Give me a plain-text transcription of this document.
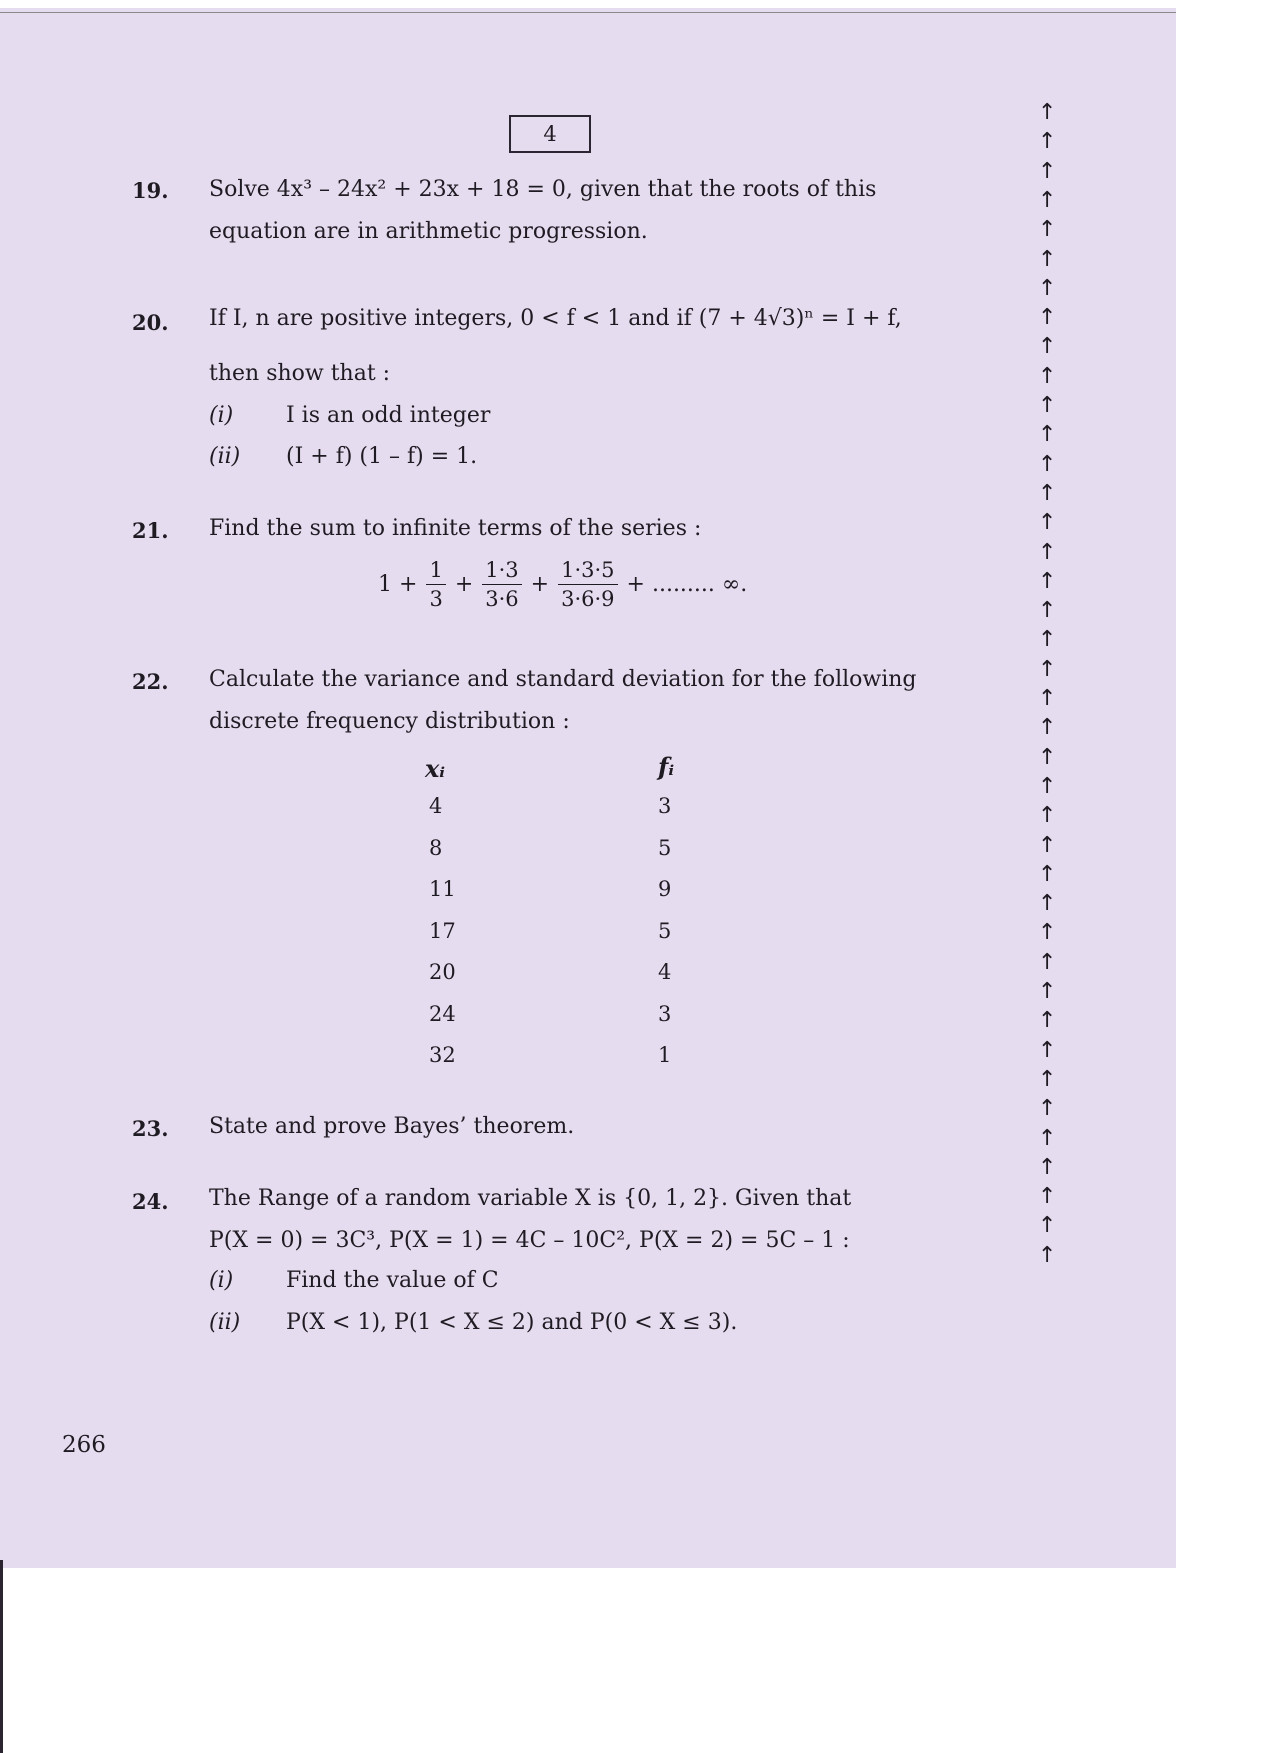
4
19. Solve 4x³ – 24x² + 23x + 18 = 0, given that the roots of this
equation are in arithmetic progression.
20. If I, n are positive integers, 0 < f < 1 and if (7 + 4√3)ⁿ = I + f,
then show that :
(i) I is an odd integer
(ii) (I + f) (1 – f) = 1.
21. Find the sum to infinite terms of the series :
$1 + \frac{1}{3} + \frac{1\cdot 3}{3\cdot 6} + \frac{1\cdot 3\cdot 5}{3\cdot 6\cdot 9}$ + ......... ∞.
22. Calculate the variance and standard deviation for the following
discrete frequency distribution :
xᵢ	fᵢ
4	3
8	5
11	9
17	5
20	4
24	3
32	1
23. State and prove Bayes’ theorem.
24. The Range of a random variable X is {0, 1, 2}. Given that
P(X = 0) = 3C³, P(X = 1) = 4C – 10C², P(X = 2) = 5C – 1 :
(i) Find the value of C
(ii) P(X < 1), P(1 < X ≤ 2) and P(0 < X ≤ 3).
266
↑
↑
↑
↑
↑
↑
↑
↑
↑
↑
↑
↑
↑
↑
↑
↑
↑
↑
↑
↑
↑
↑
↑
↑
↑
↑
↑
↑
↑
↑
↑
↑
↑
↑
↑
↑
↑
↑
↑
↑
